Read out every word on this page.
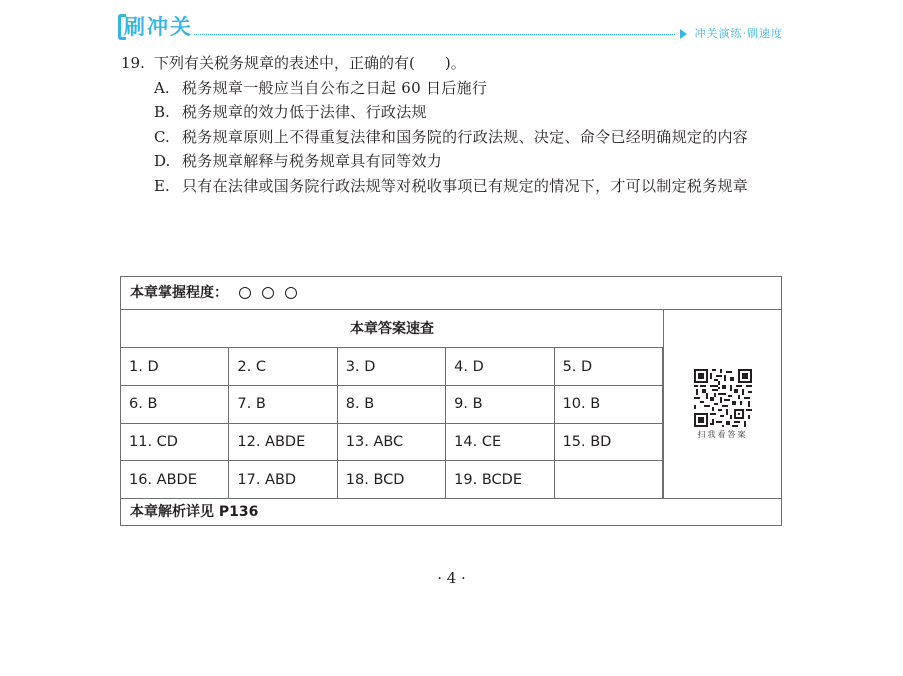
刷冲关	冲关演练·刷速度
19. 下列有关税务规章的表述中，正确的有(　　)。
A. 税务规章一般应当自公布之日起 60 日后施行
B. 税务规章的效力低于法律、行政法规
C. 税务规章原则上不得重复法律和国务院的行政法规、决定、命令已经明确规定的内容
D. 税务规章解释与税务规章具有同等效力
E. 只有在法律或国务院行政法规等对税收事项已有规定的情况下，才可以制定税务规章
本章掌握程度：
本章答案速查
1. D	2. C	3. D	4. D	5. D
6. B	7. B	8. B	9. B	10. B
11. CD	12. ABDE	13. ABC	14. CE	15. BD
16. ABDE	17. ABD	18. BCD	19. BCDE	
扫我看答案
本章解析详见 P136
· 4 ·
